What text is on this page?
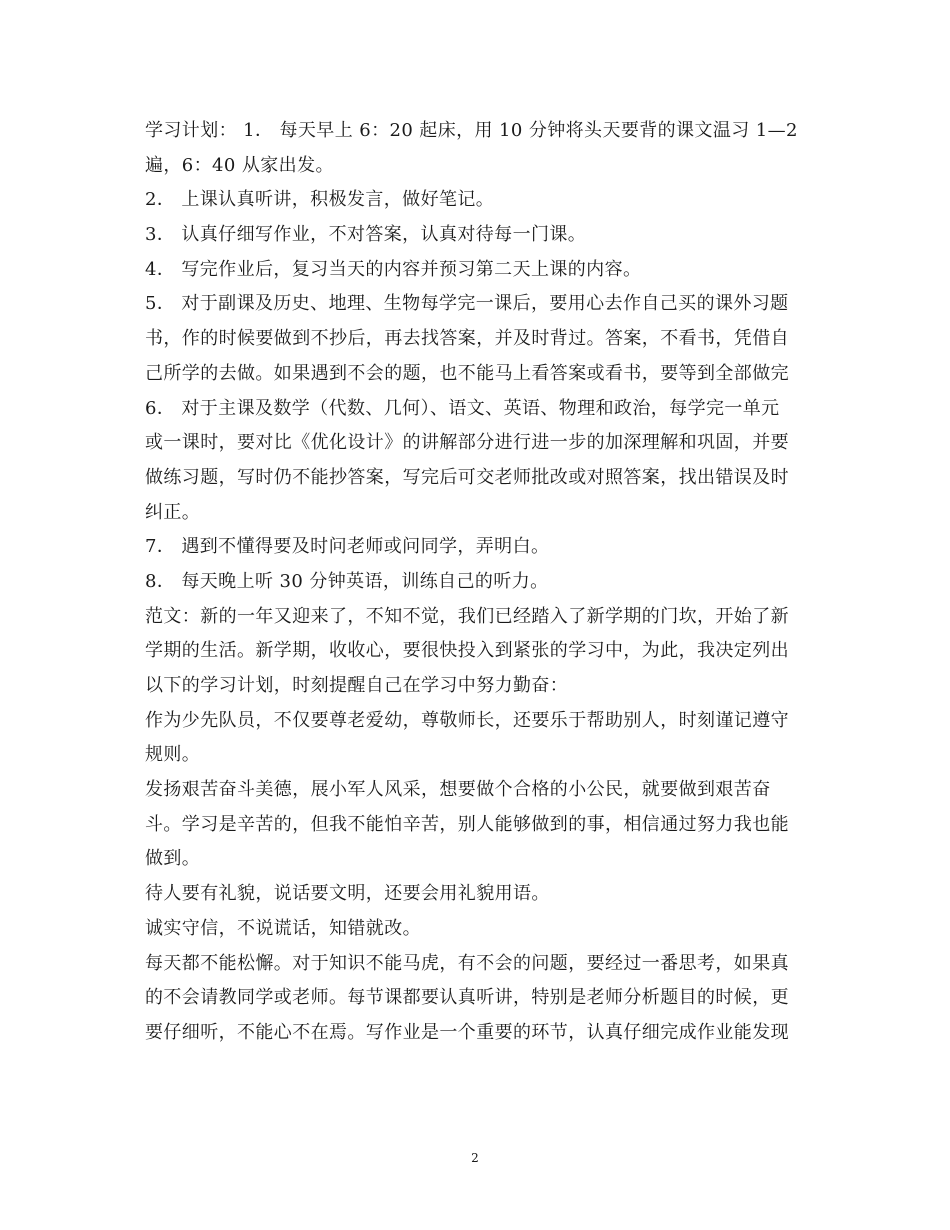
学习计划： 1． 每天早上 6：20 起床，用 10 分钟将头天要背的课文温习 1—2
遍，6：40 从家出发。
2． 上课认真听讲，积极发言，做好笔记。
3． 认真仔细写作业，不对答案，认真对待每一门课。
4． 写完作业后，复习当天的内容并预习第二天上课的内容。
5． 对于副课及历史、地理、生物每学完一课后，要用心去作自己买的课外习题
书，作的时候要做到不抄后，再去找答案，并及时背过。答案，不看书，凭借自
己所学的去做。如果遇到不会的题，也不能马上看答案或看书，要等到全部做完
6． 对于主课及数学（代数、几何）、语文、英语、物理和政治，每学完一单元
或一课时，要对比《优化设计》的讲解部分进行进一步的加深理解和巩固，并要
做练习题，写时仍不能抄答案，写完后可交老师批改或对照答案，找出错误及时
纠正。
7． 遇到不懂得要及时问老师或问同学，弄明白。
8． 每天晚上听 30 分钟英语，训练自己的听力。
范文：新的一年又迎来了，不知不觉，我们已经踏入了新学期的门坎，开始了新
学期的生活。新学期，收收心，要很快投入到紧张的学习中，为此，我决定列出
以下的学习计划，时刻提醒自己在学习中努力勤奋：
作为少先队员，不仅要尊老爱幼，尊敬师长，还要乐于帮助别人，时刻谨记遵守
规则。
发扬艰苦奋斗美德，展小军人风采，想要做个合格的小公民，就要做到艰苦奋
斗。学习是辛苦的，但我不能怕辛苦，别人能够做到的事，相信通过努力我也能
做到。
待人要有礼貌，说话要文明，还要会用礼貌用语。
诚实守信，不说谎话，知错就改。
每天都不能松懈。对于知识不能马虎，有不会的问题，要经过一番思考，如果真
的不会请教同学或老师。每节课都要认真听讲，特别是老师分析题目的时候，更
要仔细听，不能心不在焉。写作业是一个重要的环节，认真仔细完成作业能发现
2
